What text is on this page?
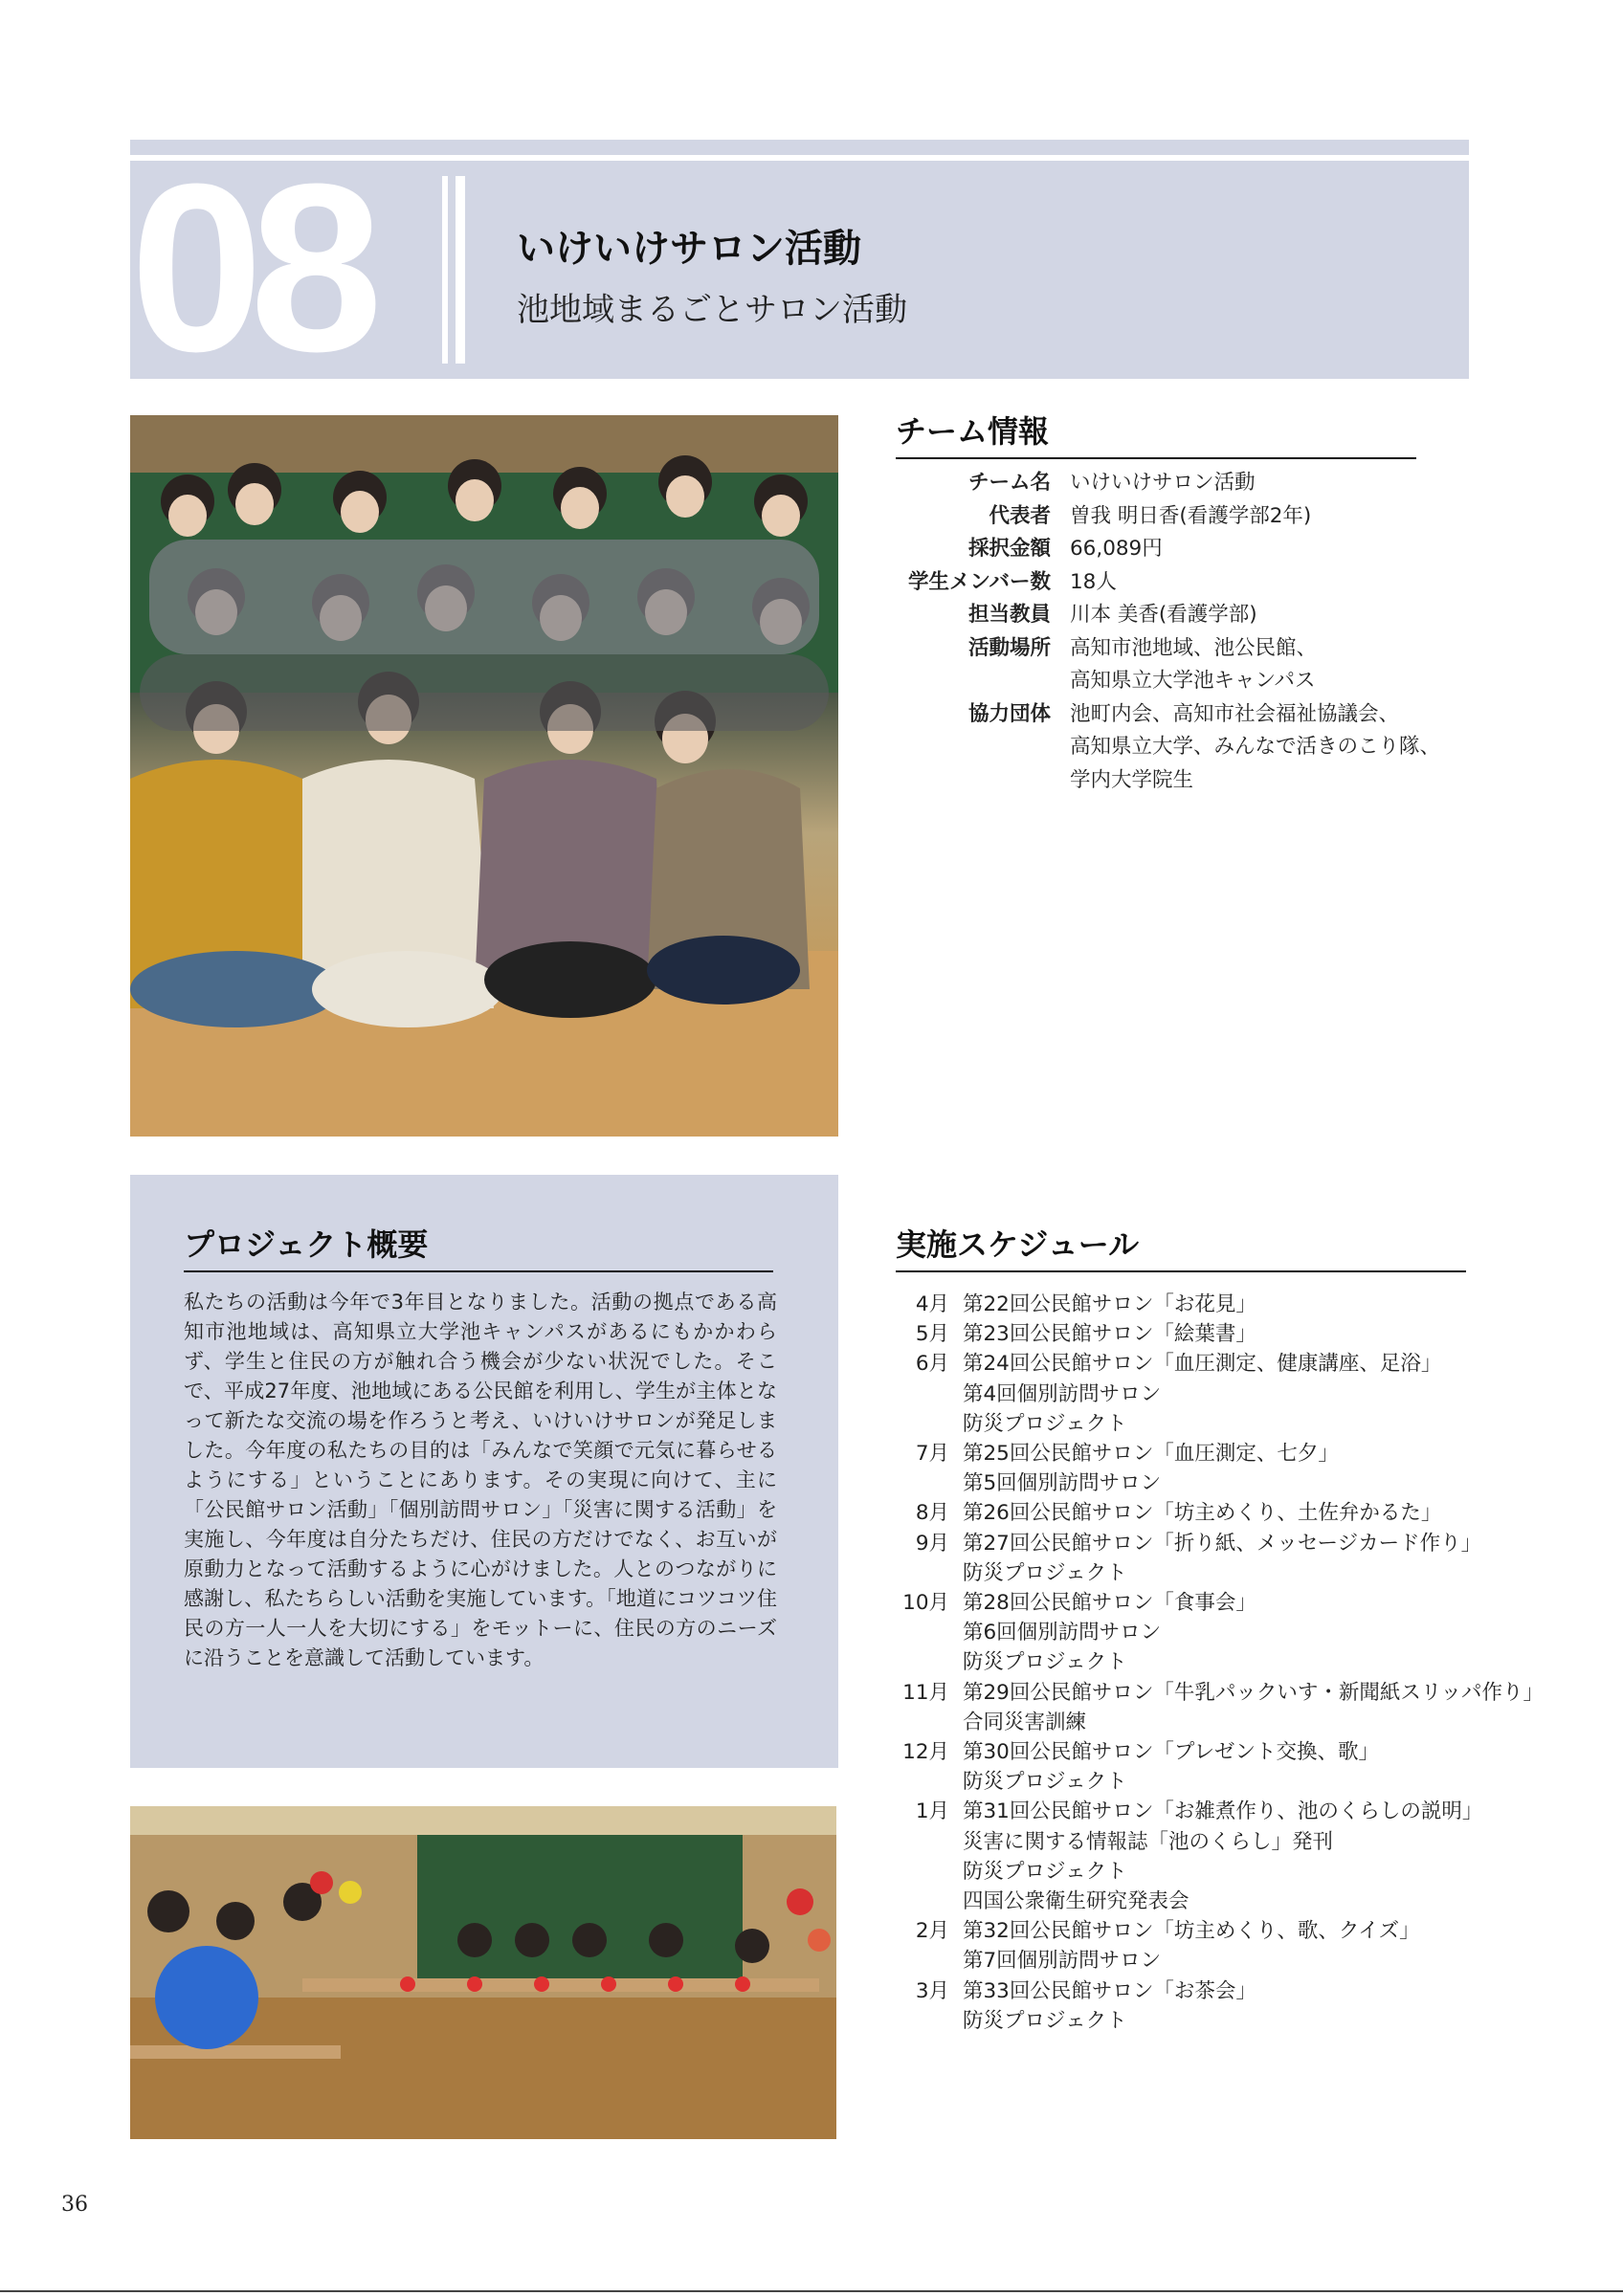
08	いけいけサロン活動
池地域まるごとサロン活動
チーム情報
チーム名 いけいけサロン活動
代表者 曽我 明日香(看護学部2年)
採択金額 66,089円
学生メンバー数 18人
担当教員 川本 美香(看護学部)
活動場所 高知市池地域、池公民館、
高知県立大学池キャンパス
協力団体 池町内会、高知市社会福祉協議会、
高知県立大学、みんなで活きのこり隊、
学内大学院生
プロジェクト概要
私たちの活動は今年で3年目となりました。活動の拠点である高知市池地域は、高知県立大学池キャンパスがあるにもかかわらず、学生と住民の方が触れ合う機会が少ない状況でした。そこで、平成27年度、池地域にある公民館を利用し、学生が主体となって新たな交流の場を作ろうと考え、いけいけサロンが発足しました。今年度の私たちの目的は「みんなで笑顔で元気に暮らせるようにする」ということにあります。その実現に向けて、主に「公民館サロン活動」「個別訪問サロン」「災害に関する活動」を実施し、今年度は自分たちだけ、住民の方だけでなく、お互いが原動力となって活動するように心がけました。人とのつながりに感謝し、私たちらしい活動を実施しています。「地道にコツコツ住民の方一人一人を大切にする」をモットーに、住民の方のニーズに沿うことを意識して活動しています。
実施スケジュール
4月 第22回公民館サロン「お花見」
5月 第23回公民館サロン「絵葉書」
6月 第24回公民館サロン「血圧測定、健康講座、足浴」
第4回個別訪問サロン
防災プロジェクト
7月 第25回公民館サロン「血圧測定、七夕」
第5回個別訪問サロン
8月 第26回公民館サロン「坊主めくり、土佐弁かるた」
9月 第27回公民館サロン「折り紙、メッセージカード作り」
防災プロジェクト
10月 第28回公民館サロン「食事会」
第6回個別訪問サロン
防災プロジェクト
11月 第29回公民館サロン「牛乳パックいす・新聞紙スリッパ作り」
合同災害訓練
12月 第30回公民館サロン「プレゼント交換、歌」
防災プロジェクト
1月 第31回公民館サロン「お雑煮作り、池のくらしの説明」
災害に関する情報誌「池のくらし」発刊
防災プロジェクト
四国公衆衛生研究発表会
2月 第32回公民館サロン「坊主めくり、歌、クイズ」
第7回個別訪問サロン
3月 第33回公民館サロン「お茶会」
防災プロジェクト
36
